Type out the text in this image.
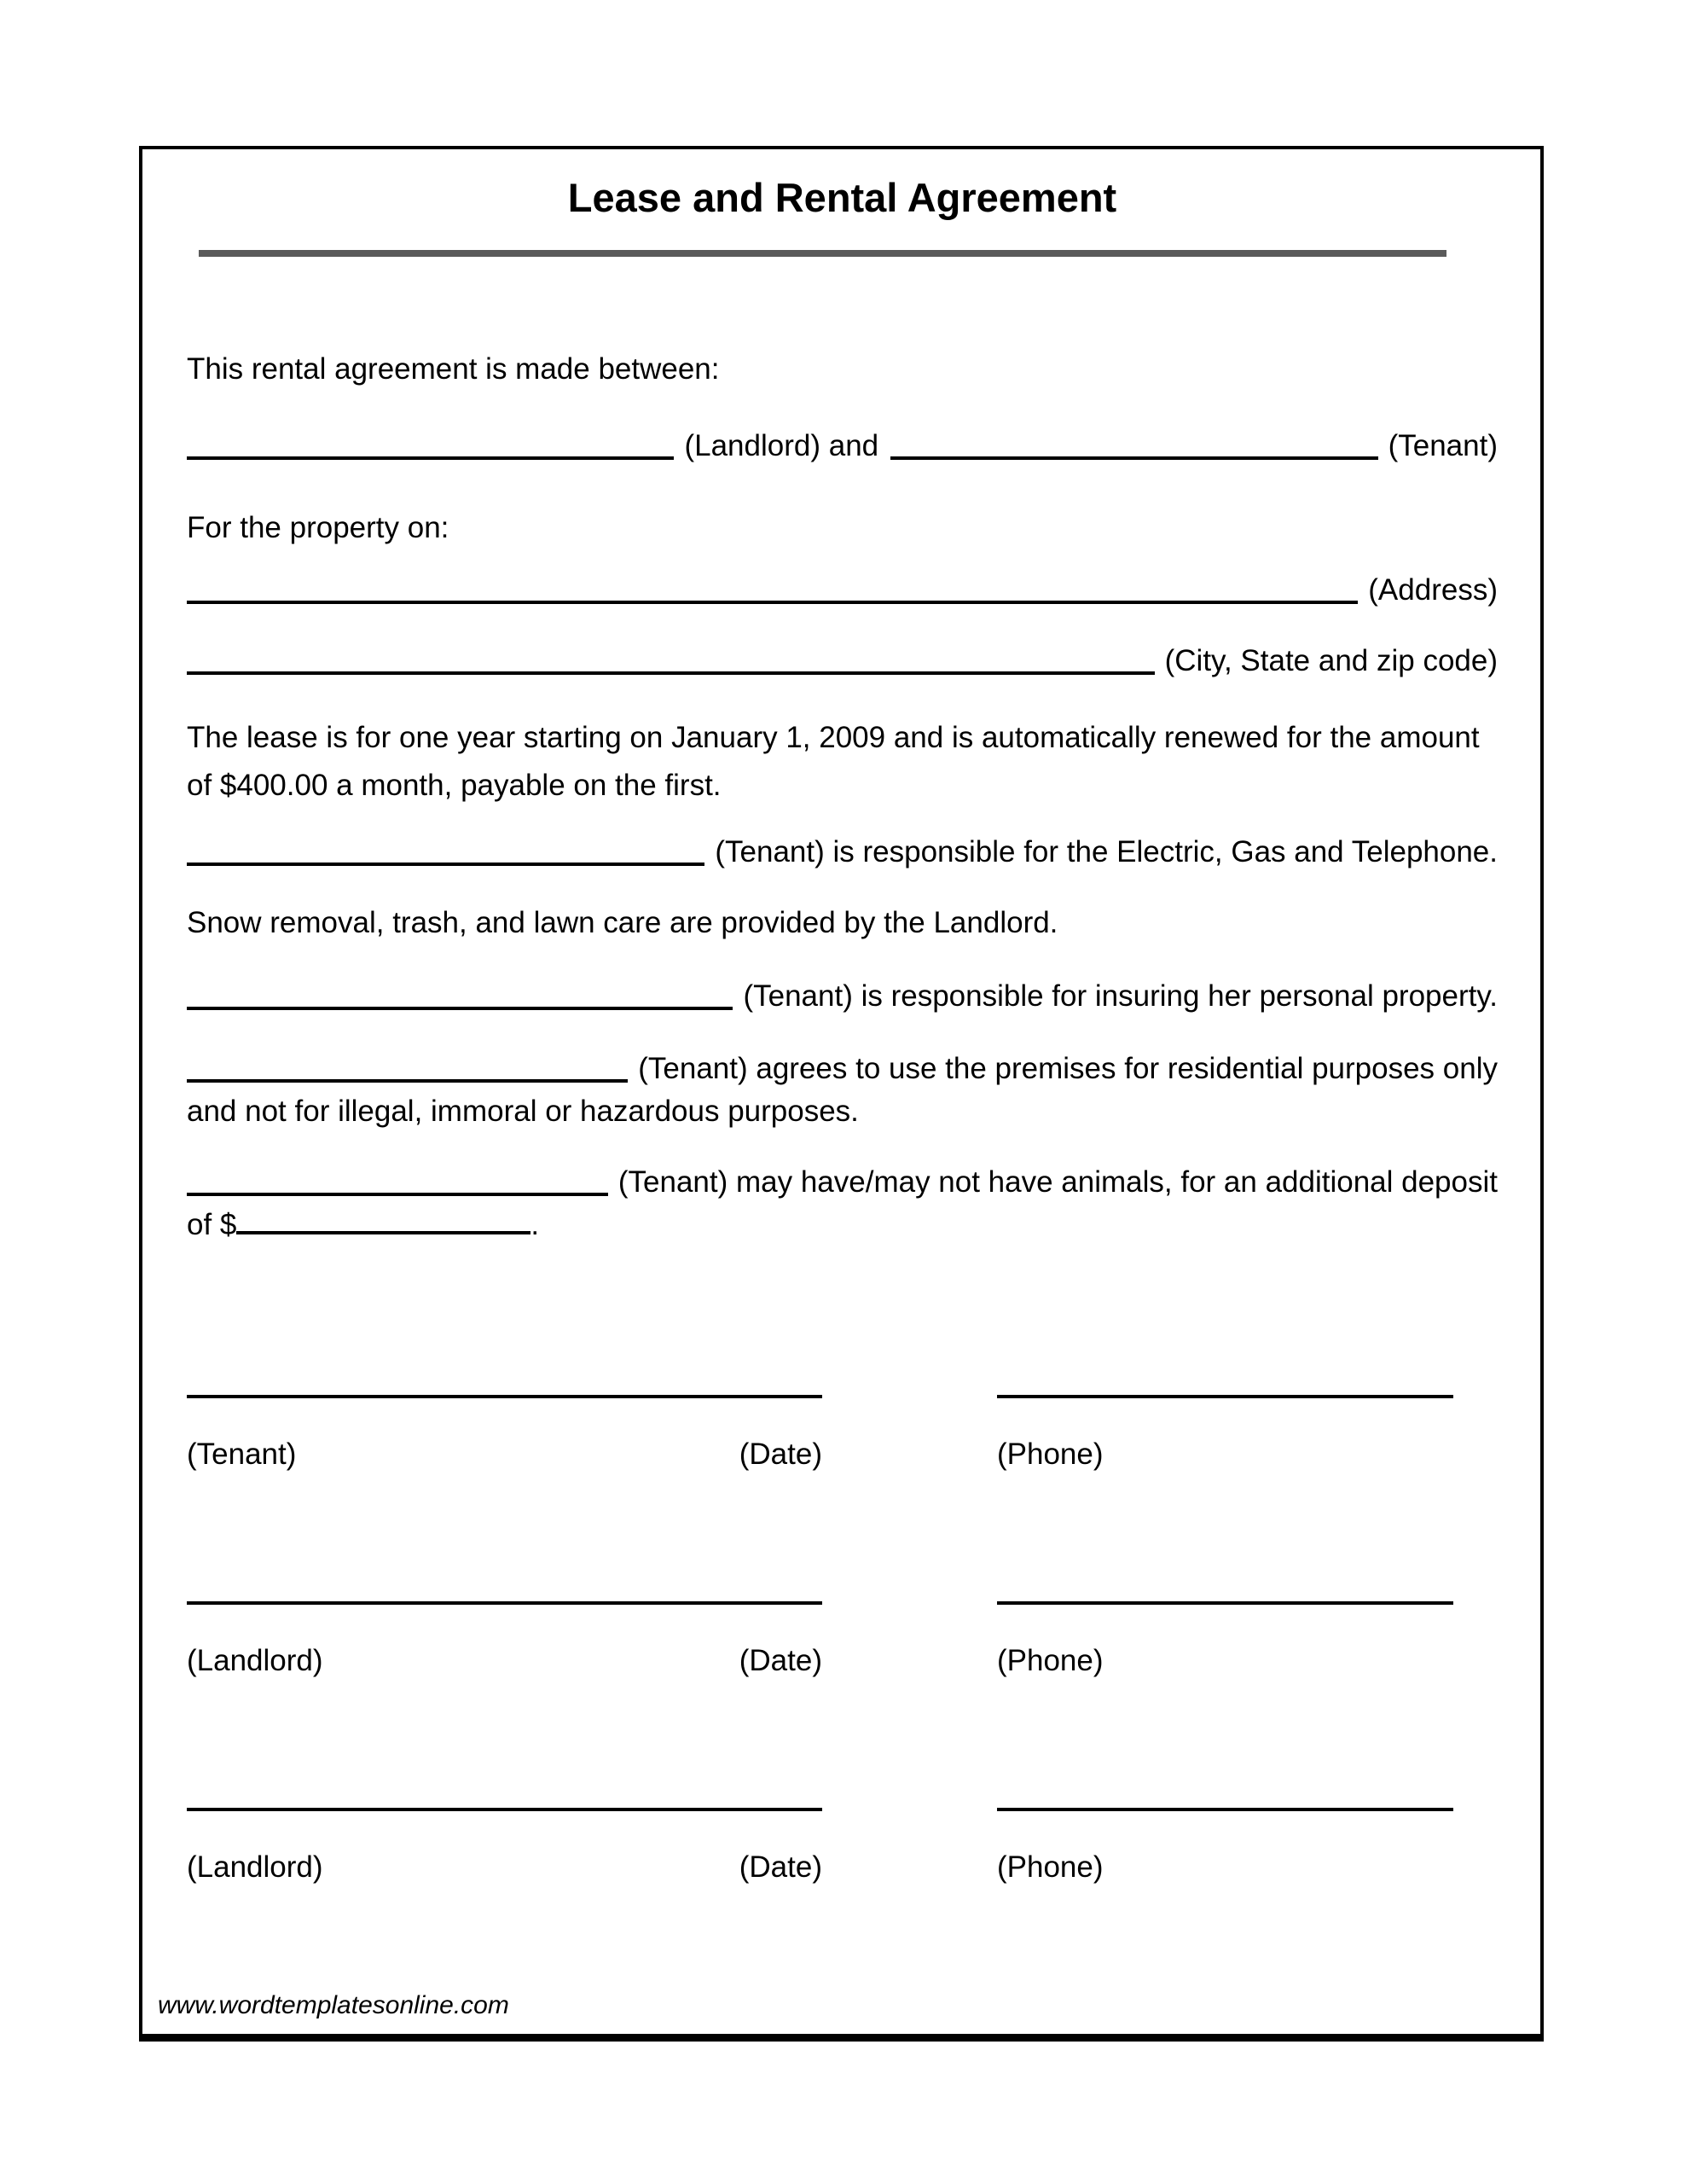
Lease and Rental Agreement

This rental agreement is made between:

(Landlord) and	(Tenant)

For the property on:

(Address)
(City, State and zip code)

The lease is for one year starting on January 1, 2009 and is automatically renewed for the amount
of $400.00 a month, payable on the first.

(Tenant) is responsible for the Electric, Gas and Telephone.

Snow removal, trash, and lawn care are provided by the Landlord.

(Tenant) is responsible for insuring her personal property.
(Tenant) agrees to use the premises for residential purposes only

and not for illegal, immoral or hazardous purposes.

(Tenant) may have/may not have animals, for an additional deposit

of $	.

(Tenant)	(Date)	(Phone)
(Landlord)	(Date)	(Phone)
(Landlord)	(Date)	(Phone)
www.wordtemplatesonline.com
